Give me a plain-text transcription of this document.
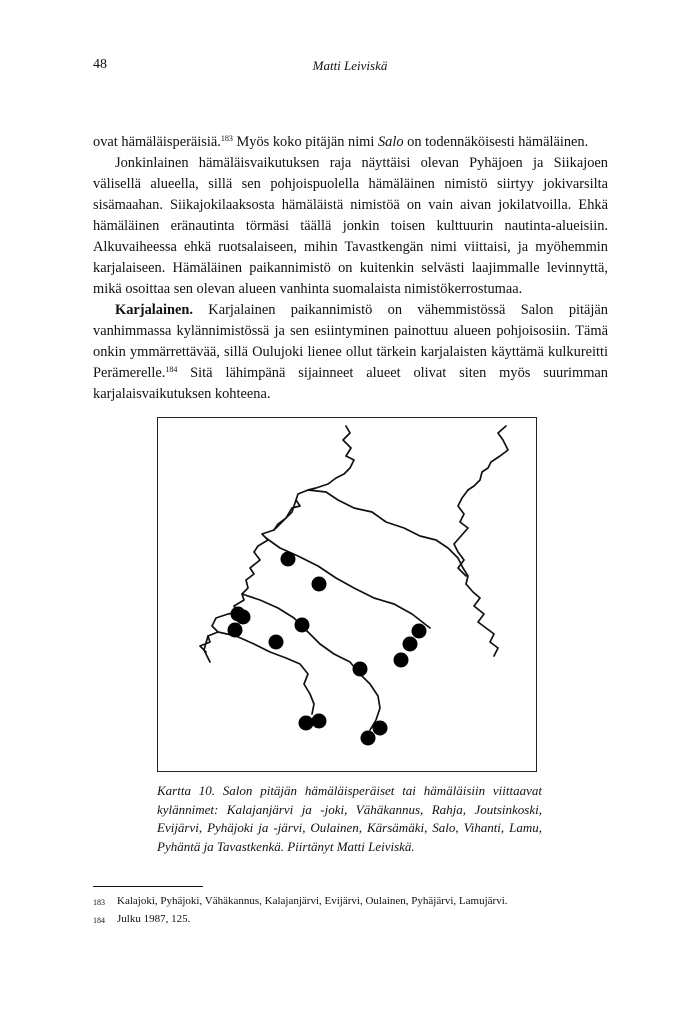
48	Matti Leiviskä

ovat hämäläisperäisiä.$^{183}$ Myös koko pitäjän nimi Salo on todennäköisesti hämäläinen.

Jonkinlainen hämäläisvaikutuksen raja näyttäisi olevan Pyhäjoen ja Siikajoen välisellä alueella, sillä sen pohjoispuolella hämäläinen nimistö siirtyy jokivarsilta sisämaahan. Siikajokilaaksosta hämäläistä nimistöä on vain aivan jokilatvoilla. Ehkä hämäläinen eränautinta törmäsi täällä jonkin toisen kulttuurin nautinta-alueisiin. Alkuvaiheessa ehkä ruotsalaiseen, mihin Tavastkengän nimi viittaisi, ja myöhemmin karjalaiseen. Hämäläinen paikannimistö on kuitenkin selvästi laajimmalle levinnyttä, mikä osoittaa sen olevan alueen vanhinta suomalaista nimistökerrostumaa.

Karjalainen. Karjalainen paikannimistö on vähemmistössä Salon pitäjän vanhimmassa kylännimistössä ja sen esiintyminen painottuu alueen pohjoisosiin. Tämä onkin ymmärrettävää, sillä Oulujoki lienee ollut tärkein karjalaisten käyttämä kulkureitti Perämerelle.$^{184}$ Sitä lähimpänä sijainneet alueet olivat siten myös suurimman karjalaisvaikutuksen kohteena.

Kartta 10. Salon pitäjän hämäläisperäiset tai hämäläisiin viittaavat kylännimet: Kalajanjärvi ja -joki, Vähäkannus, Rahja, Joutsinkoski, Evijärvi, Pyhäjoki ja -järvi, Oulainen, Kärsämäki, Salo, Vihanti, Lamu, Pyhäntä ja Tavastkenkä. Piirtänyt Matti Leiviskä.
183	Kalajoki, Pyhäjoki, Vähäkannus, Kalajanjärvi, Evijärvi, Oulainen, Pyhäjärvi, Lamujärvi.
184	Julku 1987, 125.
